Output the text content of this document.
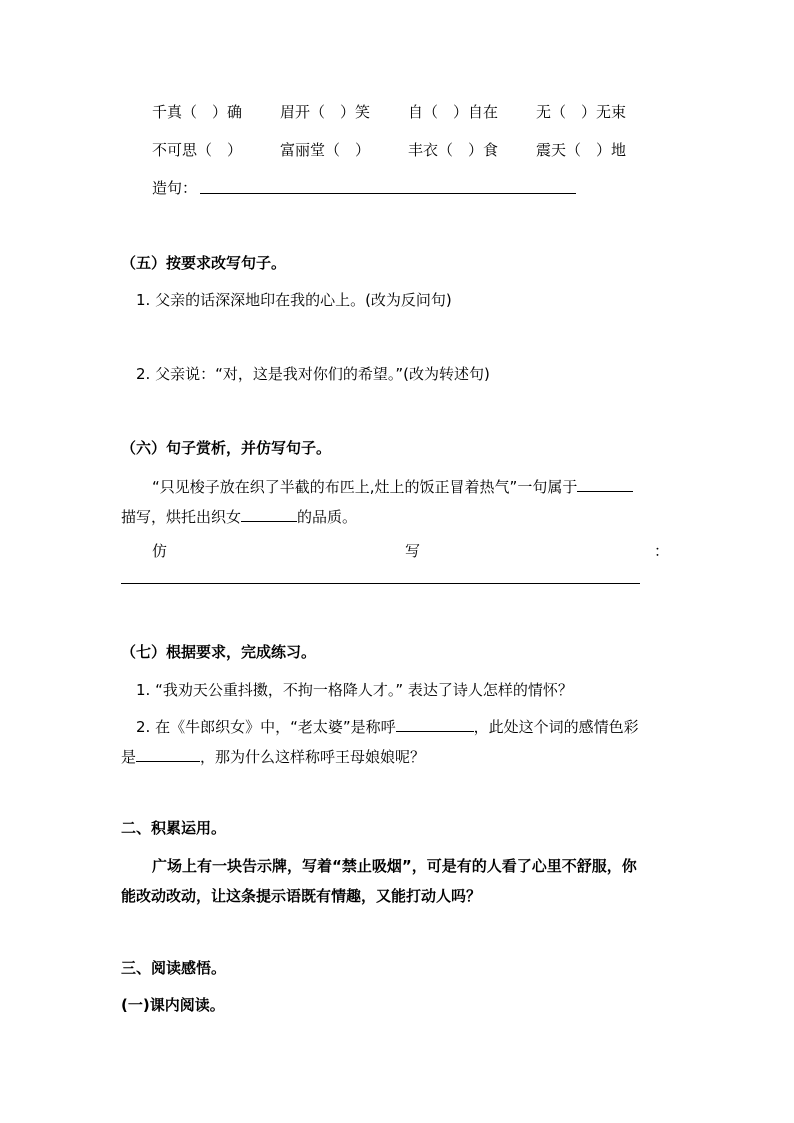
千真（　）确	眉开（　）笑	自（　）自在	无（　）无束
不可思（　）	富丽堂（　）	丰衣（　）食	震天（　）地
造句：
（五）按要求改写句子。
1. 父亲的话深深地印在我的心上。(改为反问句)
2. 父亲说：“对，这是我对你们的希望。”(改为转述句)
（六）句子赏析，并仿写句子。
“只见梭子放在织了半截的布匹上,灶上的饭正冒着热气”一句属于
描写，烘托出织女	的品质。
仿	写	：
（七）根据要求，完成练习。
1. “我劝天公重抖擞，不拘一格降人才。” 表达了诗人怎样的情怀？
2. 在《牛郎织女》中，“老太婆”是称呼	，此处这个词的感情色彩
是	，那为什么这样称呼王母娘娘呢？
二、积累运用。
广场上有一块告示牌，写着“禁止吸烟”，可是有的人看了心里不舒服，你
能改动改动，让这条提示语既有情趣，又能打动人吗？
三、阅读感悟。
(一)课内阅读。
